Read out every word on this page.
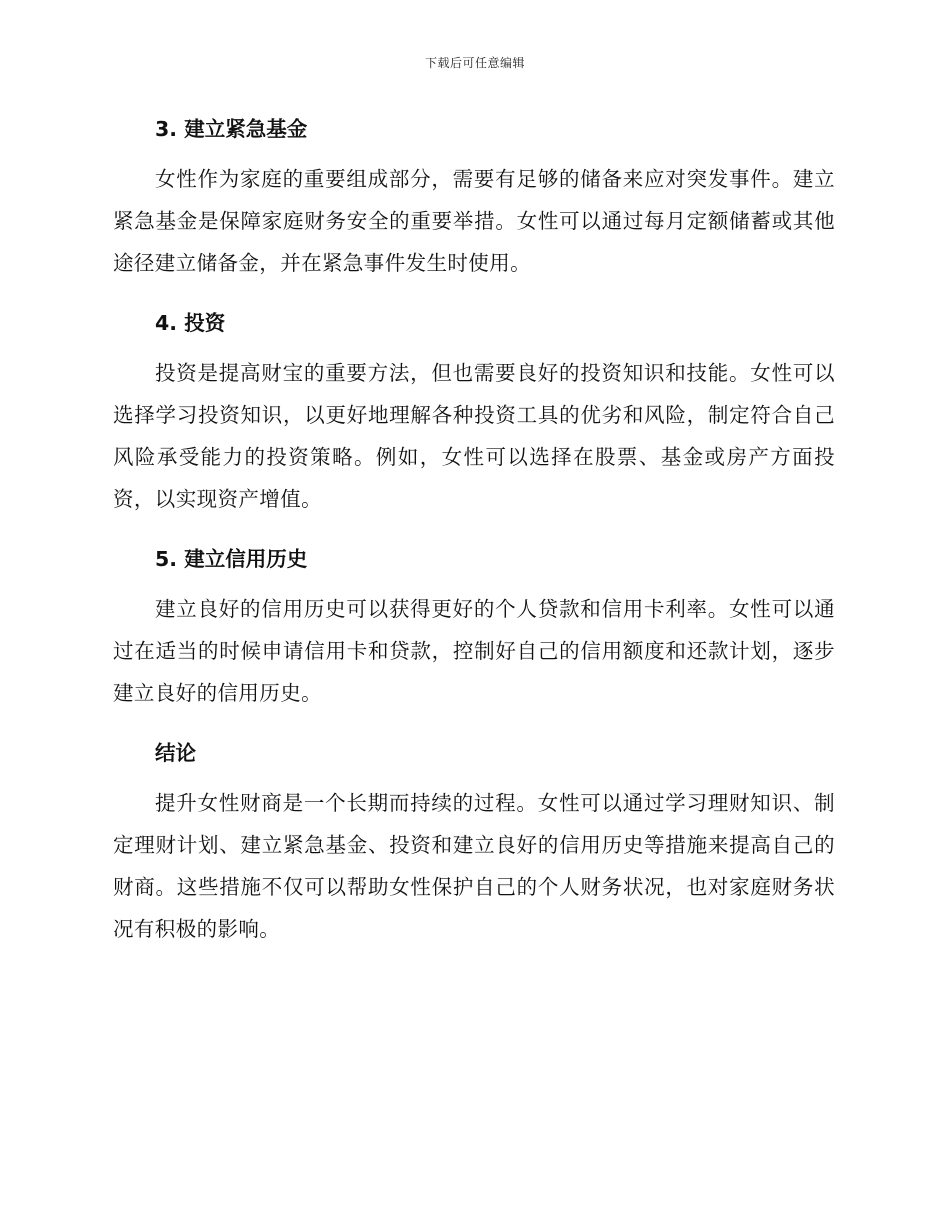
下载后可任意编辑
3. 建立紧急基金

女性作为家庭的重要组成部分，需要有足够的储备来应对突发事件。建立紧急基金是保障家庭财务安全的重要举措。女性可以通过每月定额储蓄或其他途径建立储备金，并在紧急事件发生时使用。

4. 投资

投资是提高财宝的重要方法，但也需要良好的投资知识和技能。女性可以选择学习投资知识，以更好地理解各种投资工具的优劣和风险，制定符合自己风险承受能力的投资策略。例如，女性可以选择在股票、基金或房产方面投资，以实现资产增值。

5. 建立信用历史

建立良好的信用历史可以获得更好的个人贷款和信用卡利率。女性可以通过在适当的时候申请信用卡和贷款，控制好自己的信用额度和还款计划，逐步建立良好的信用历史。

结论

提升女性财商是一个长期而持续的过程。女性可以通过学习理财知识、制定理财计划、建立紧急基金、投资和建立良好的信用历史等措施来提高自己的财商。这些措施不仅可以帮助女性保护自己的个人财务状况，也对家庭财务状况有积极的影响。
